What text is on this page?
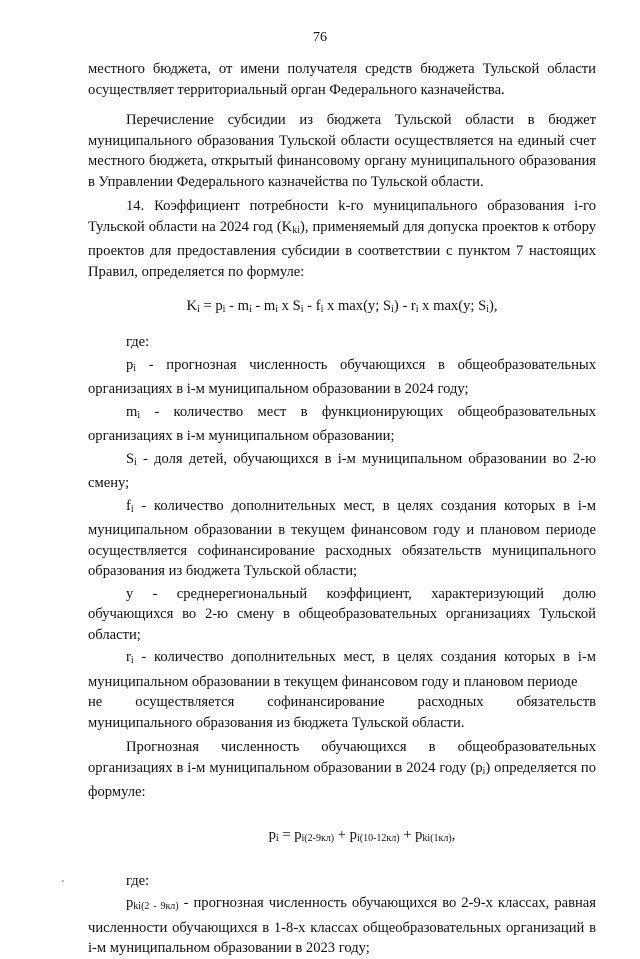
76

местного бюджета, от имени получателя средств бюджета Тульской области осуществляет территориальный орган Федерального казначейства.

Перечисление субсидии из бюджета Тульской области в бюджет муниципального образования Тульской области осуществляется на единый счет местного бюджета, открытый финансовому органу муниципального образования в Управлении Федерального казначейства по Тульской области.

14. Коэффициент потребности k-го муниципального образования i-го Тульской области на 2024 год $(K_{ki})$, применяемый для допуска проектов к отбору проектов для предоставления субсидии в соответствии с пунктом 7 настоящих Правил, определяется по формуле:

$K_i = p_i - m_i - m_i$ x $S_i - f_i$ x max(y; $S_i) - r_i$ x max(y; $S_i$),

где:

$p_i$ - прогнозная численность обучающихся в общеобразовательных организациях в i-м муниципальном образовании в 2024 году;

$m_i$ - количество мест в функционирующих общеобразовательных организациях в i-м муниципальном образовании;

$S_i$ - доля детей, обучающихся в i-м муниципальном образовании во 2-ю смену;

$f_i$ - количество дополнительных мест, в целях создания которых в i-м муниципальном образовании в текущем финансовом году и плановом периоде осуществляется софинансирование расходных обязательств муниципального образования из бюджета Тульской области;

y - среднерегиональный коэффициент, характеризующий долю обучающихся во 2-ю смену в общеобразовательных организациях Тульской области;

$r_i$ - количество дополнительных мест, в целях создания которых в i-м муниципальном образовании в текущем финансовом году и плановом периоде

не осуществляется софинансирование расходных обязательств

муниципального образования из бюджета Тульской области.

Прогнозная численность обучающихся в общеобразовательных организациях в i-м муниципальном образовании в 2024 году $(p_i)$ определяется по формуле:

$p_i = p_{i(2-9кл)} + p_{i(10-12кл)} + p_{ki(1кл)}$,

где:

$p_{ki(2 - 9кл)}$ - прогнозная численность обучающихся во 2-9-х классах, равная численности обучающихся в 1-8-х классах общеобразовательных организаций в i-м муниципальном образовании в 2023 году;
